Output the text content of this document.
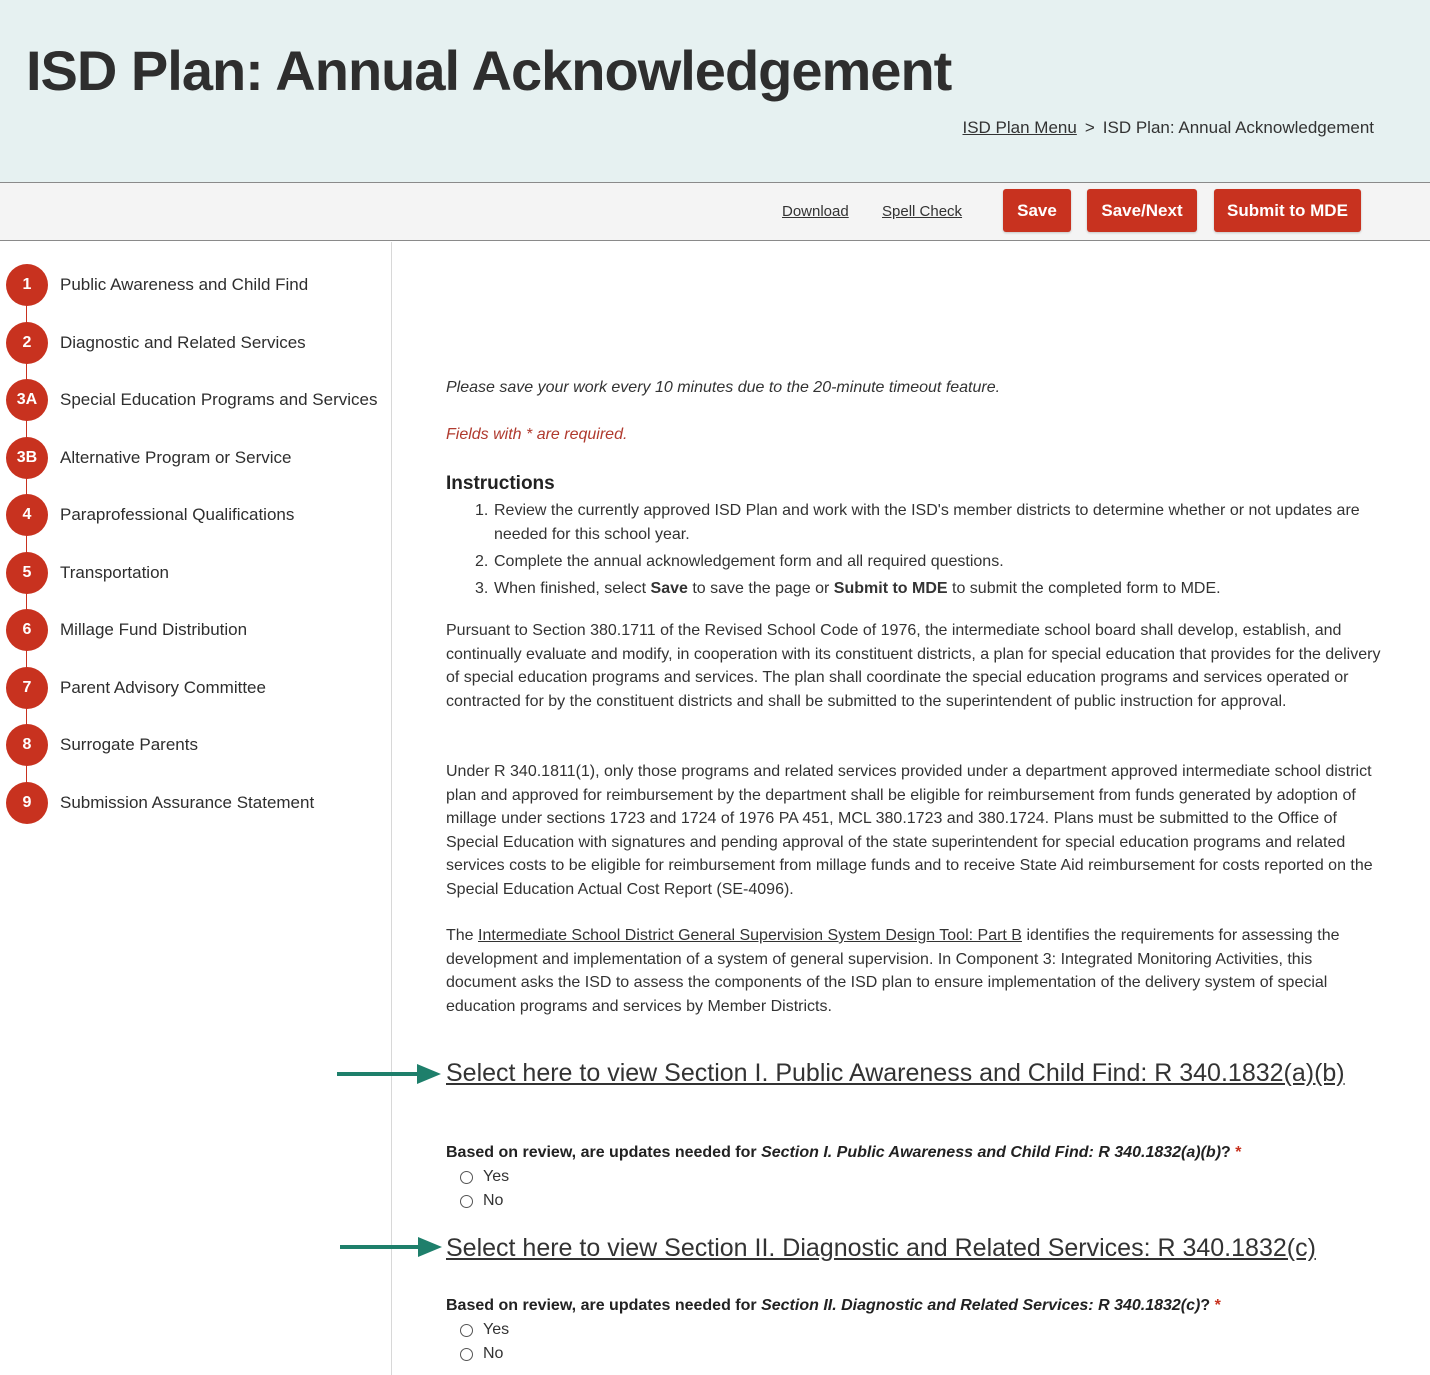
ISD Plan: Annual Acknowledgement
ISD Plan Menu > ISD Plan: Annual Acknowledgement
Download Spell Check	Save	Save/Next	Submit to MDE
1	Public Awareness and Child Find
2	Diagnostic and Related Services
3A	Special Education Programs and Services
3B	Alternative Program or Service
4	Paraprofessional Qualifications
5	Transportation
6	Millage Fund Distribution
7	Parent Advisory Committee
8	Surrogate Parents
9	Submission Assurance Statement

Please save your work every 10 minutes due to the 20-minute timeout feature.

Fields with * are required.

Instructions
1. Review the currently approved ISD Plan and work with the ISD's member districts to determine whether or not updates are needed for this school year.
2. Complete the annual acknowledgement form and all required questions.
3. When finished, select Save to save the page or Submit to MDE to submit the completed form to MDE.

Pursuant to Section 380.1711 of the Revised School Code of 1976, the intermediate school board shall develop, establish, and continually evaluate and modify, in cooperation with its constituent districts, a plan for special education that provides for the delivery of special education programs and services. The plan shall coordinate the special education programs and services operated or contracted for by the constituent districts and shall be submitted to the superintendent of public instruction for approval.

Under R 340.1811(1), only those programs and related services provided under a department approved intermediate school district plan and approved for reimbursement by the department shall be eligible for reimbursement from funds generated by adoption of millage under sections 1723 and 1724 of 1976 PA 451, MCL 380.1723 and 380.1724. Plans must be submitted to the Office of Special Education with signatures and pending approval of the state superintendent for special education programs and related services costs to be eligible for reimbursement from millage funds and to receive State Aid reimbursement for costs reported on the Special Education Actual Cost Report (SE-4096).

The Intermediate School District General Supervision System Design Tool: Part B identifies the requirements for assessing the development and implementation of a system of general supervision. In Component 3: Integrated Monitoring Activities, this document asks the ISD to assess the components of the ISD plan to ensure implementation of the delivery system of special education programs and services by Member Districts.

Select here to view Section I. Public Awareness and Child Find: R 340.1832(a)(b)

Based on review, are updates needed for Section I. Public Awareness and Child Find: R 340.1832(a)(b)? *

Yes
No
Select here to view Section II. Diagnostic and Related Services: R 340.1832(c)

Based on review, are updates needed for Section II. Diagnostic and Related Services: R 340.1832(c)? *

Yes
No
